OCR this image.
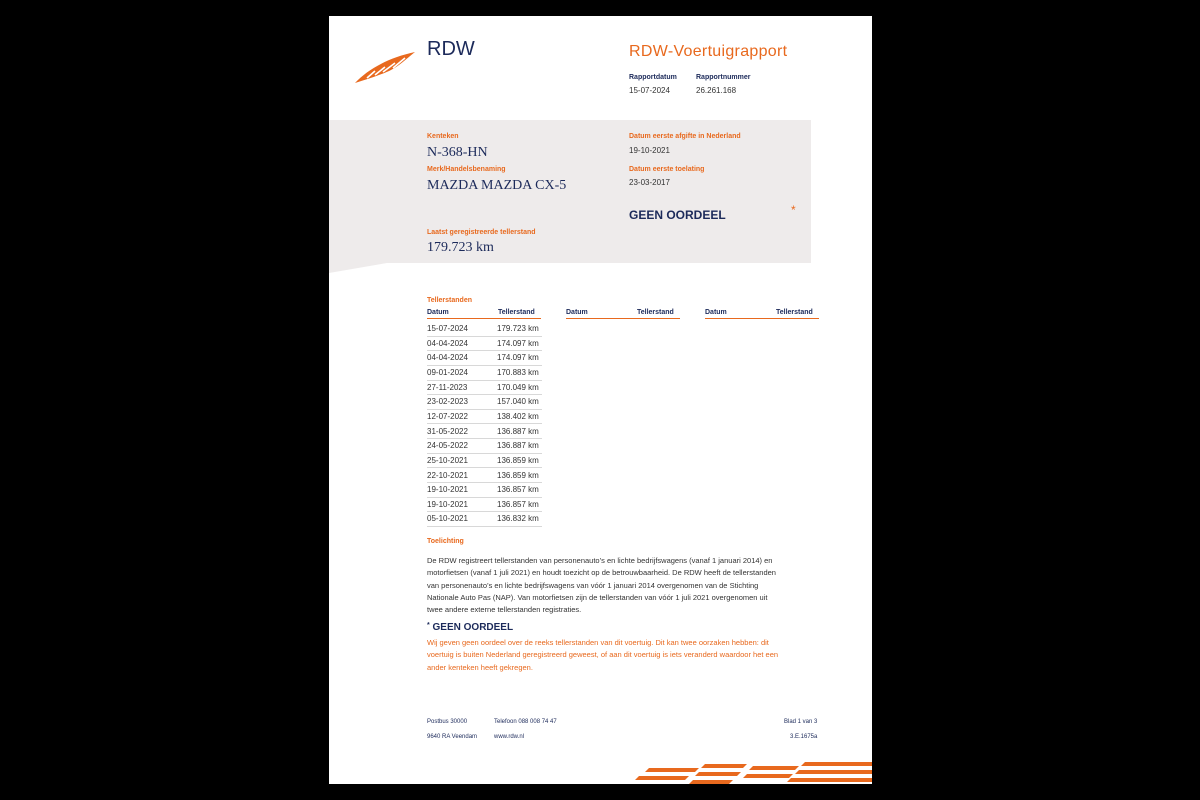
RDW	RDW-Voertuigrapport
Rapportdatum
15-07-2024
Rapportnummer
26.261.168
Kenteken
N-368-HN
Merk/Handelsbenaming
MAZDA MAZDA CX-5
Datum eerste afgifte in Nederland
19-10-2021
Datum eerste toelating
23-03-2017
GEEN OORDEEL	*
Laatst geregistreerde tellerstand
179.723 km
Tellerstanden
Datum	Tellerstand	Datum	Tellerstand	Datum	Tellerstand
15-07-2024	179.723 km
04-04-2024	174.097 km
04-04-2024	174.097 km
09-01-2024	170.883 km
27-11-2023	170.049 km
23-02-2023	157.040 km
12-07-2022	138.402 km
31-05-2022	136.887 km
24-05-2022	136.887 km
25-10-2021	136.859 km
22-10-2021	136.859 km
19-10-2021	136.857 km
19-10-2021	136.857 km
05-10-2021	136.832 km
Toelichting
De RDW registreert tellerstanden van personenauto’s en lichte bedrijfswagens (vanaf 1 januari 2014) en
motorfietsen (vanaf 1 juli 2021) en houdt toezicht op de betrouwbaarheid. De RDW heeft de tellerstanden
van personenauto’s en lichte bedrijfswagens van vóór 1 januari 2014 overgenomen van de Stichting
Nationale Auto Pas (NAP). Van motorfietsen zijn de tellerstanden van vóór 1 juli 2021 overgenomen uit
twee andere externe tellerstanden registraties.
* GEEN OORDEEL
Wij geven geen oordeel over de reeks tellerstanden van dit voertuig. Dit kan twee oorzaken hebben: dit
voertuig is buiten Nederland geregistreerd geweest, of aan dit voertuig is iets veranderd waardoor het een
ander kenteken heeft gekregen.
Postbus 30000
9640 RA Veendam
Telefoon 088 008 74 47
www.rdw.nl
Blad 1 van 3
3.E.1675a
